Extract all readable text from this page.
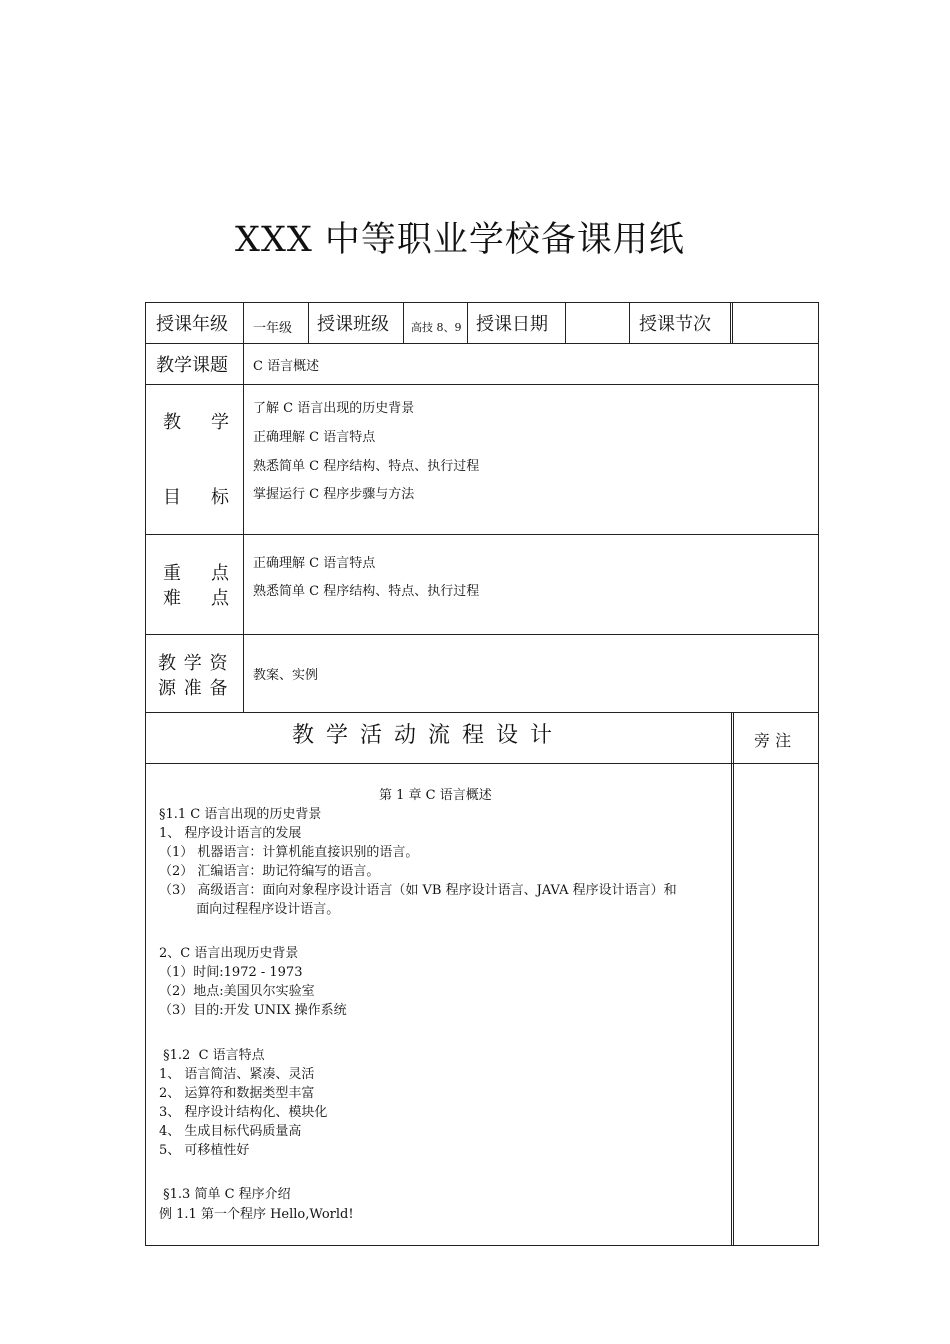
XXX 中等职业学校备课用纸
授课年级 一年级 授课班级 高技 8、9 授课日期	授课节次
教学课题 C 语言概述
教 学
目 标
了解 C 语言出现的历史背景
正确理解 C 语言特点
熟悉简单 C 程序结构、特点、执行过程
掌握运行 C 程序步骤与方法
重 点
难 点
正确理解 C 语言特点
熟悉简单 C 程序结构、特点、执行过程
教 学 资
源 准 备
教案、实例
教学活动流程设计	旁 注
第 1 章 C 语言概述
§1.1 C 语言出现的历史背景
1、 程序设计语言的发展
（1） 机器语言：计算机能直接识别的语言。
（2） 汇编语言：助记符编写的语言。
（3） 高级语言：面向对象程序设计语言（如 VB 程序设计语言、JAVA 程序设计语言）和
面向过程程序设计语言。
2、C 语言出现历史背景
（1）时间:1972 - 1973
（2）地点:美国贝尔实验室
（3）目的:开发 UNIX 操作系统
§1.2  C 语言特点
1、 语言简洁、紧凑、灵活
2、 运算符和数据类型丰富
3、 程序设计结构化、模块化
4、 生成目标代码质量高
5、 可移植性好
§1.3 简单 C 程序介绍
例 1.1 第一个程序 Hello,World!
